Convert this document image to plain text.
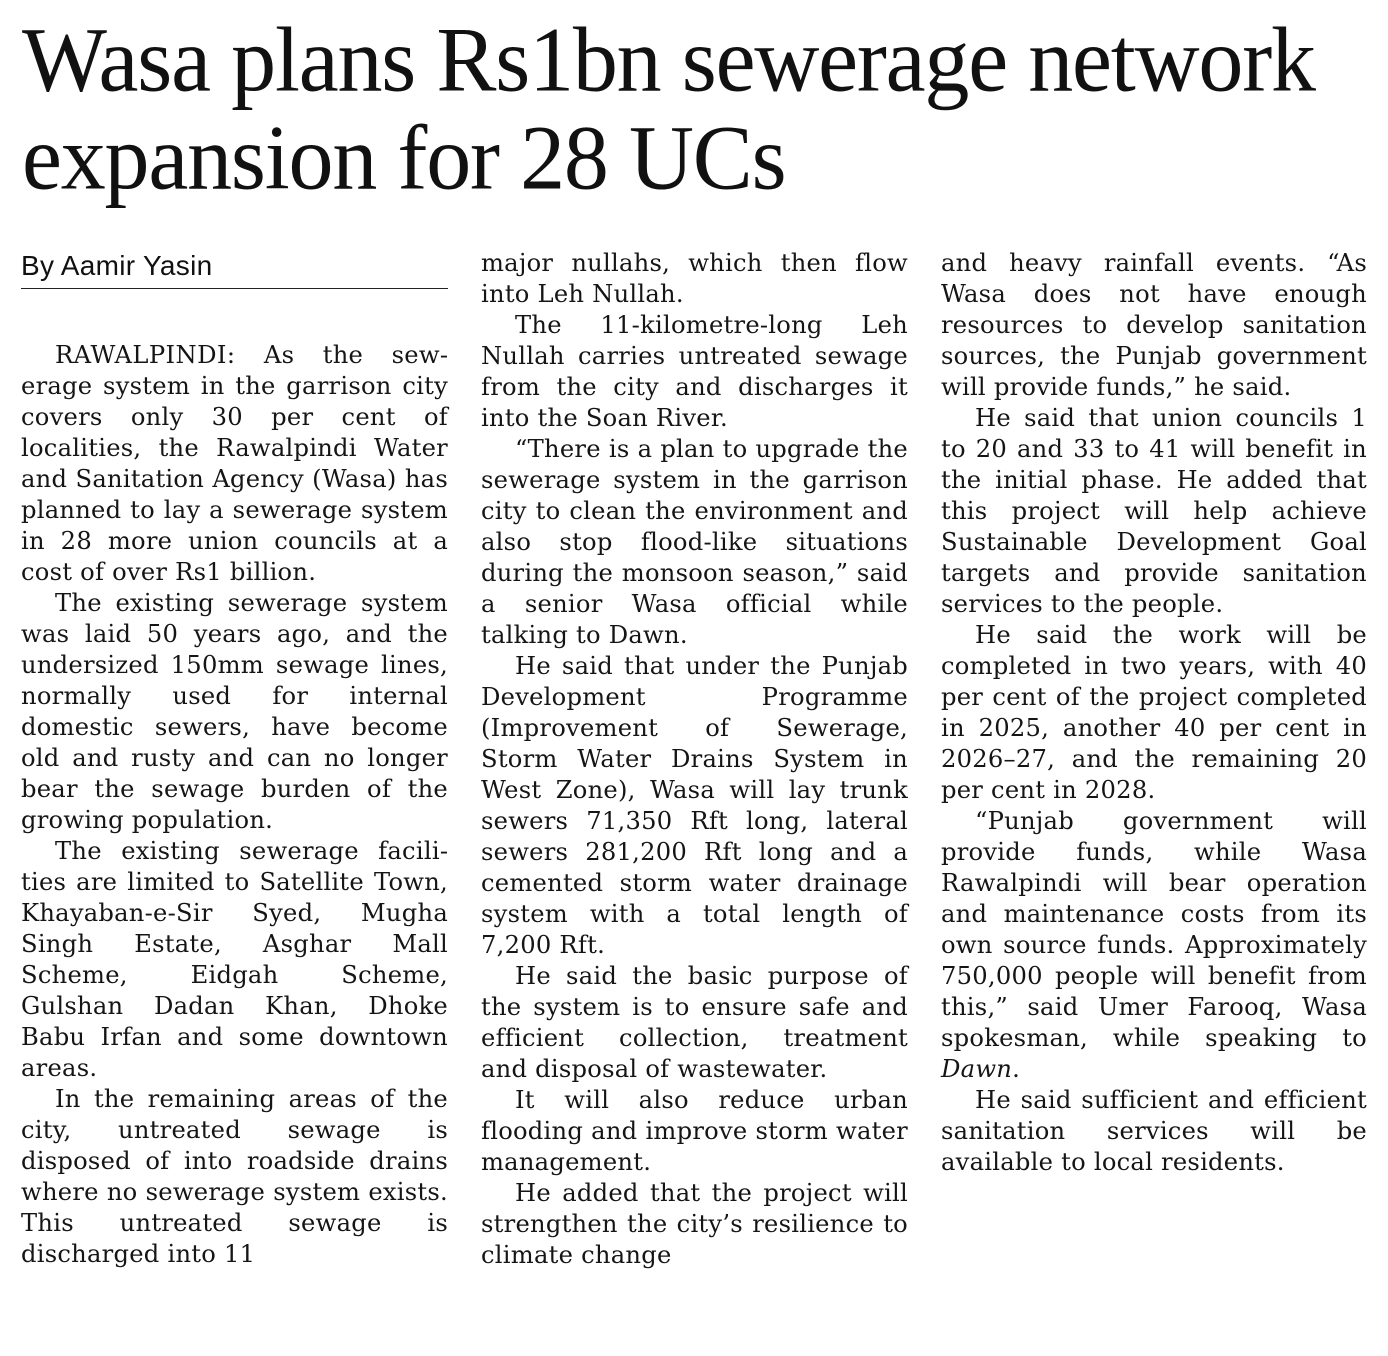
Wasa plans Rs1bn sewerage network expansion for 28 UCs
By Aamir Yasin

RAWALPINDI: As the sewerage system in the garrison city covers only 30 per cent of localities, the Rawalpindi Water and Sanitation Agency (Wasa) has planned to lay a sewerage system in 28 more union councils at a cost of over Rs1 billion.

The existing sewerage system was laid 50 years ago, and the undersized 150mm sewage lines, normally used for internal domestic sewers, have become old and rusty and can no longer bear the sewage burden of the growing population.

The existing sewerage facilities are limited to Satellite Town, Khayaban-e-Sir Syed, Mugha Singh Estate, Asghar Mall Scheme, Eidgah Scheme, Gulshan Dadan Khan, Dhoke Babu Irfan and some downtown areas.

In the remaining areas of the city, untreated sewage is disposed of into roadside drains where no sewerage system exists. This untreated sewage is discharged into 11

major nullahs, which then flow into Leh Nullah.

The 11-kilometre-long Leh Nullah carries untreated sewage from the city and discharges it into the Soan River.

“There is a plan to upgrade the sewerage system in the garrison city to clean the environment and also stop flood-like situations during the monsoon season,” said a senior Wasa official while talking to Dawn.

He said that under the Punjab Development Programme (Improvement of Sewerage, Storm Water Drains System in West Zone), Wasa will lay trunk sewers 71,350 Rft long, lateral sewers 281,200 Rft long and a cemented storm water drainage system with a total length of 7,200 Rft.

He said the basic purpose of the system is to ensure safe and efficient collection, treatment and disposal of wastewater.

It will also reduce urban flooding and improve storm water management.

He added that the project will strengthen the city’s resilience to climate change

and heavy rainfall events. “As Wasa does not have enough resources to develop sanitation sources, the Punjab government will provide funds,” he said.

He said that union councils 1 to 20 and 33 to 41 will benefit in the initial phase. He added that this project will help achieve Sustainable Development Goal targets and provide sanitation services to the people.

He said the work will be completed in two years, with 40 per cent of the project completed in 2025, another 40 per cent in 2026–27, and the remaining 20 per cent in 2028.

“Punjab government will provide funds, while Wasa Rawalpindi will bear operation and maintenance costs from its own source funds. Approximately 750,000 people will benefit from this,” said Umer Farooq, Wasa spokesman, while speaking to Dawn.

He said sufficient and efficient sanitation services will be available to local residents.
